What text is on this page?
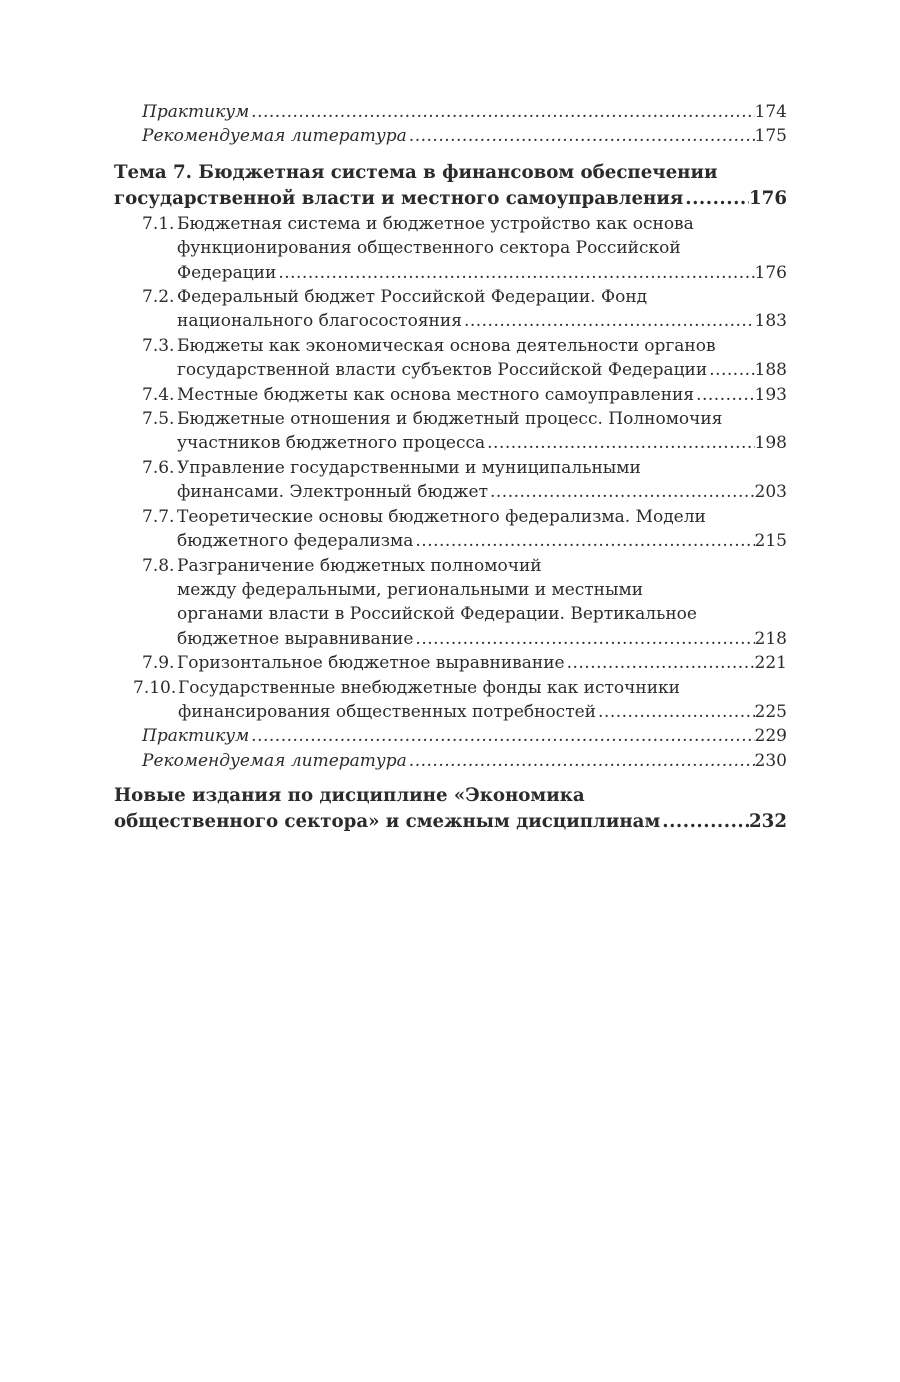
Практикум .....	174
Рекомендуемая литература .....	175
Тема 7. Бюджетная система в финансовом обеспечении
государственной власти и местного самоуправления .....	176
7.1. Бюджетная система и бюджетное устройство как основа
функционирования общественного сектора Российской
Федерации .....	176
7.2. Федеральный бюджет Российской Федерации. Фонд
национального благосостояния .....	183
7.3. Бюджеты как экономическая основа деятельности органов
государственной власти субъектов Российской Федерации .....	188
7.4. Местные бюджеты как основа местного самоуправления .....	193
7.5. Бюджетные отношения и бюджетный процесс. Полномочия
участников бюджетного процесса .....	198
7.6. Управление государственными и муниципальными
финансами. Электронный бюджет .....	203
7.7. Теоретические основы бюджетного федерализма. Модели
бюджетного федерализма .....	215
7.8. Разграничение бюджетных полномочий
между федеральными, региональными и местными
органами власти в Российской Федерации. Вертикальное
бюджетное выравнивание .....	218
7.9. Горизонтальное бюджетное выравнивание .....	221
7.10. Государственные внебюджетные фонды как источники
финансирования общественных потребностей .....	225
Практикум .....	229
Рекомендуемая литература .....	230
Новые издания по дисциплине «Экономика
общественного сектора» и смежным дисциплинам .....	232
